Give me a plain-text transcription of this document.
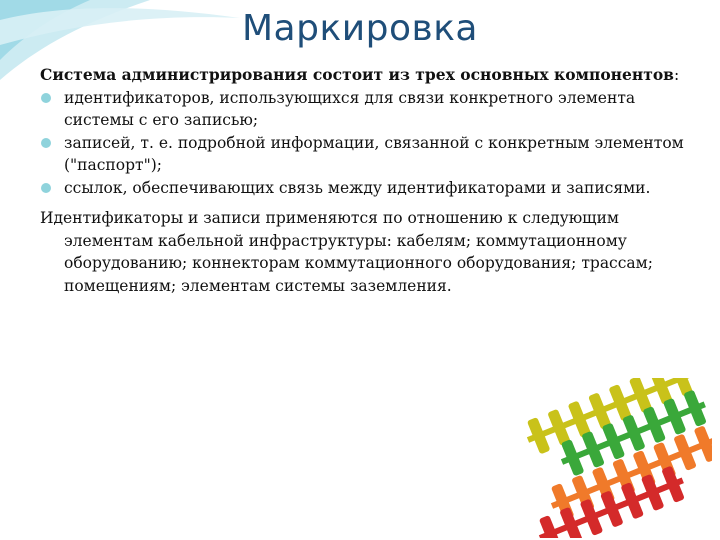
Маркировка

Система администрирования состоит из трех основных компонентов:

идентификаторов, использующихся для связи конкретного элемента системы с его записью;
записей, т. е. подробной информации, связанной с конкретным элементом ("паспорт");
ссылок, обеспечивающих связь между идентификаторами и записями.

Идентификаторы и записи применяются по отношению к следующим элементам кабельной инфраструктуры: кабелям; коммутационному оборудованию; коннекторам коммутационного оборудования; трассам; помещениям; элементам системы заземления.
